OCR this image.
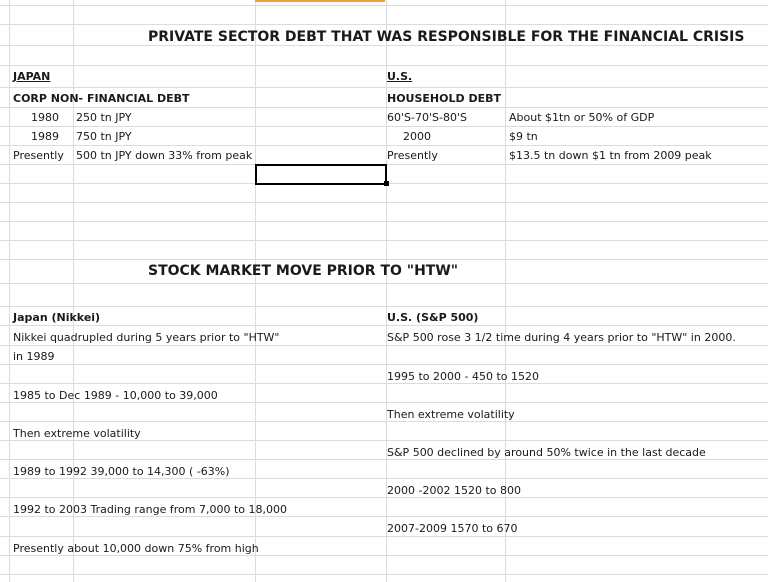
PRIVATE SECTOR DEBT THAT WAS RESPONSIBLE FOR THE FINANCIAL CRISIS
JAPAN
CORP NON- FINANCIAL DEBT
1980 250 tn JPY
1989 750 tn JPY
Presently 500 tn JPY down 33% from peak
U.S.
HOUSEHOLD DEBT
60'S-70'S-80'S	About $1tn or 50% of GDP
2000	$9 tn
Presently	$13.5 tn down $1 tn from 2009 peak
STOCK MARKET MOVE PRIOR TO "HTW"
Japan (Nikkei)
Nikkei quadrupled during 5 years prior to "HTW"
in 1989
1985 to Dec 1989 - 10,000 to 39,000
Then extreme volatility
1989 to 1992 39,000 to 14,300 ( -63%)
1992 to 2003 Trading range from 7,000 to 18,000
Presently about 10,000 down 75% from high
U.S. (S&P 500)
S&P 500 rose 3 1/2 time during 4 years prior to "HTW" in 2000.
1995 to 2000 - 450 to 1520
Then extreme volatility
S&P 500 declined by around 50% twice in the last decade
2000 -2002 1520 to 800
2007-2009 1570 to 670
